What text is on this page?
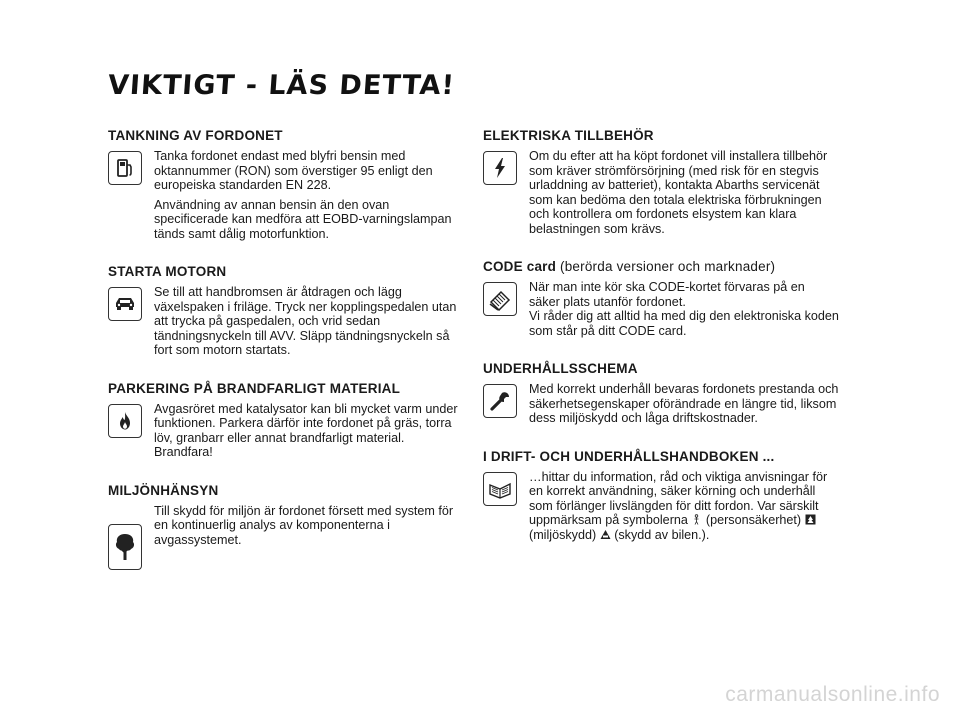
VIKTIGT - LÄS DETTA!
TANKNING AV FORDONET

Tanka fordonet endast med blyfri bensin med oktannummer (RON) som överstiger 95 enligt den europeiska standarden EN 228.

Användning av annan bensin än den ovan specificerade kan medföra att EOBD-varningslampan tänds samt dålig motorfunktion.

STARTA MOTORN

Se till att handbromsen är åtdragen och lägg växelspaken i friläge. Tryck ner kopplingspedalen utan att trycka på gaspedalen, och vrid sedan tändningsnyckeln till AVV. Släpp tändningsnyckeln så fort som motorn startats.

PARKERING PÅ BRANDFARLIGT MATERIAL

Avgasröret med katalysator kan bli mycket varm under funktionen. Parkera därför inte fordonet på gräs, torra löv, granbarr eller annat brandfarligt material. Brandfara!

MILJÖNHÄNSYN

Till skydd för miljön är fordonet försett med system för en kontinuerlig analys av komponenterna i avgassystemet.

ELEKTRISKA TILLBEHÖR

Om du efter att ha köpt fordonet vill installera tillbehör som kräver strömförsörjning (med risk för en stegvis urladdning av batteriet), kontakta Abarths servicenät som kan bedöma den totala elektriska förbrukningen och kontrollera om fordonets elsystem kan klara belastningen som krävs.

CODE card (berörda versioner och marknader)

När man inte kör ska CODE-kortet förvaras på en säker plats utanför fordonet.

Vi råder dig att alltid ha med dig den elektroniska koden som står på ditt CODE card.

UNDERHÅLLSSCHEMA

Med korrekt underhåll bevaras fordonets prestanda och säkerhetsegenskaper oförändrade en längre tid, liksom dess miljöskydd och låga driftskostnader.

I DRIFT- OCH UNDERHÅLLSHANDBOKEN ...

…hittar du information, råd och viktiga anvisningar för en korrekt användning, säker körning och underhåll som förlänger livslängden för ditt fordon. Var särskilt uppmärksam på symbolerna (personsäkerhet)  (miljöskydd) (skydd av bilen.).

carmanualsonline.info
